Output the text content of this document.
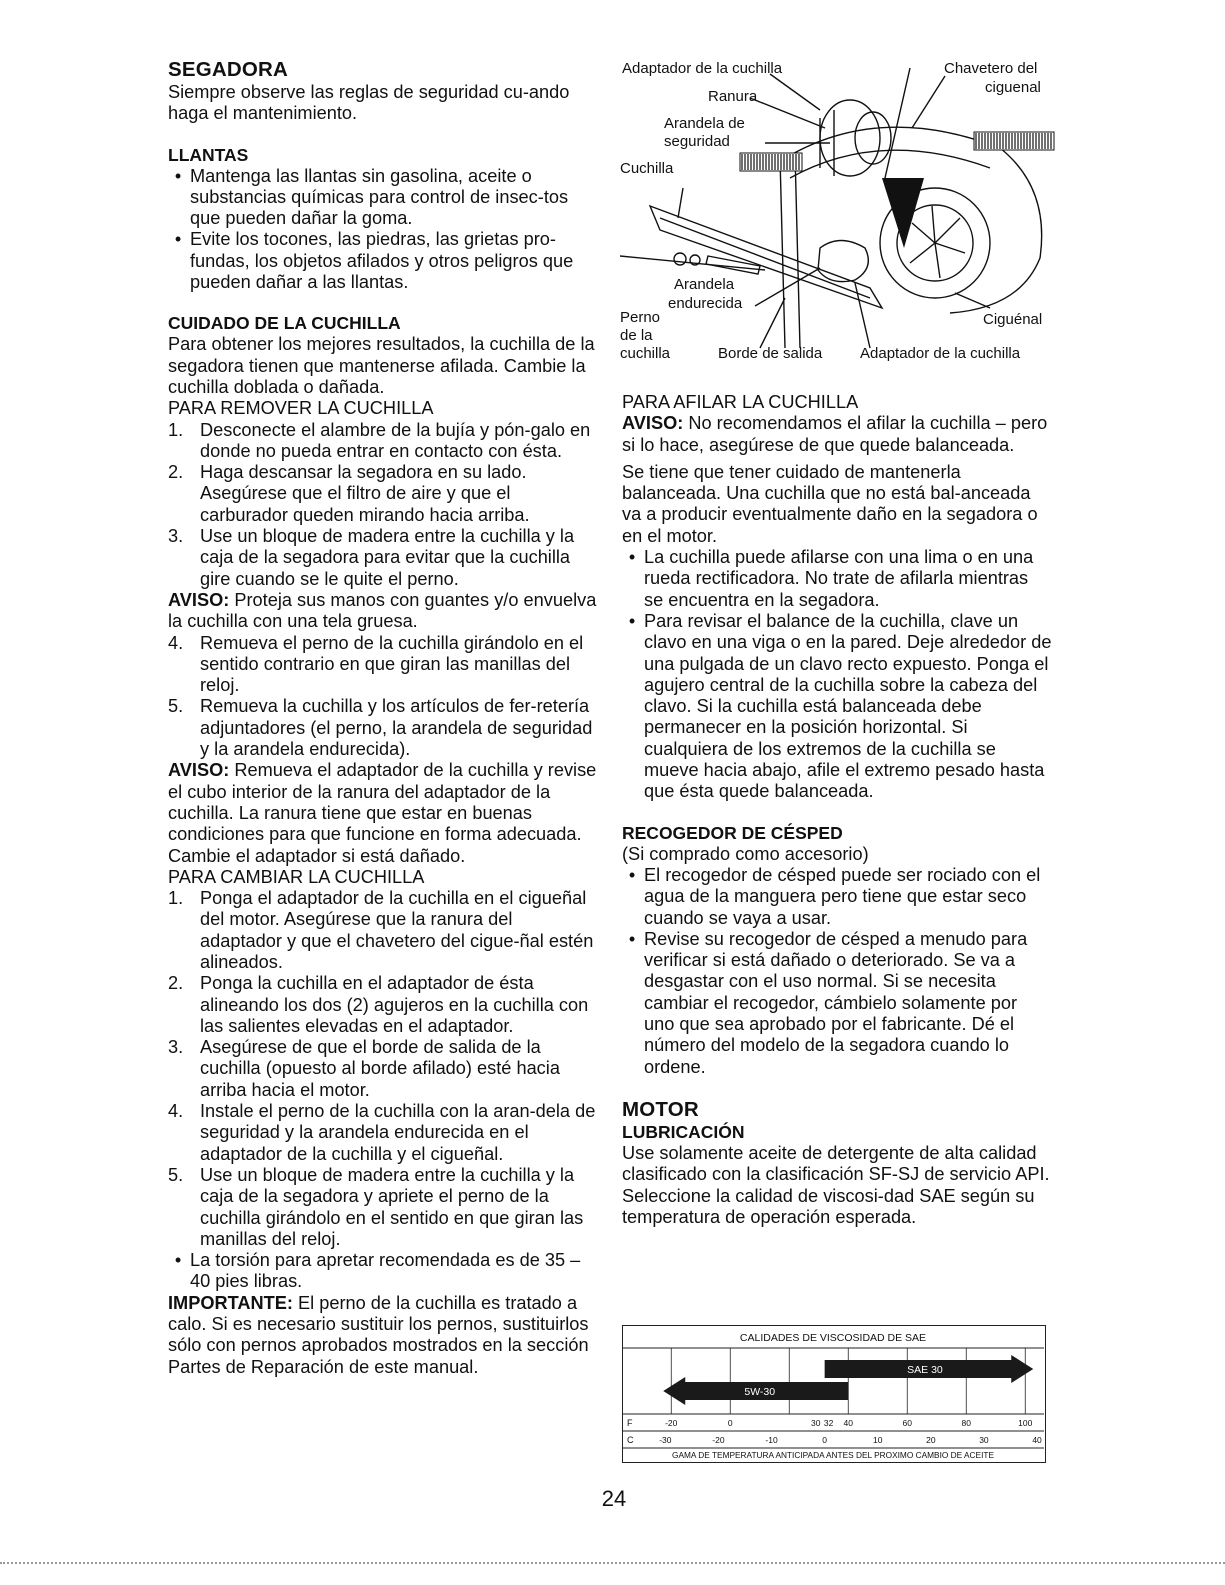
SEGADORA

Siempre observe las reglas de seguridad cu-ando haga el mantenimiento.

LLANTAS
• Mantenga las llantas sin gasolina, aceite o substancias químicas para control de insec-tos que pueden dañar la goma.
• Evite los tocones, las piedras, las grietas pro-fundas, los objetos afilados y otros peligros que pueden dañar a las llantas.
CUIDADO DE LA CUCHILLA

Para obtener los mejores resultados, la cuchilla de la segadora tienen que mantenerse afilada. Cambie la cuchilla doblada o dañada.

PARA REMOVER LA CUCHILLA

1. Desconecte el alambre de la bujía y pón-galo en donde no pueda entrar en contacto con ésta.
2. Haga descansar la segadora en su lado. Asegúrese que el filtro de aire y que el carburador queden mirando hacia arriba.
3. Use un bloque de madera entre la cuchilla y la caja de la segadora para evitar que la cuchilla gire cuando se le quite el perno.

AVISO: Proteja sus manos con guantes y/o envuelva la cuchilla con una tela gruesa.

4. Remueva el perno de la cuchilla girándolo en el sentido contrario en que giran las manillas del reloj.
5. Remueva la cuchilla y los artículos de fer-retería adjuntadores (el perno, la arandela de seguridad y la arandela endurecida).

AVISO: Remueva el adaptador de la cuchilla y revise el cubo interior de la ranura del adaptador de la cuchilla. La ranura tiene que estar en buenas condiciones para que funcione en forma adecuada. Cambie el adaptador si está dañado.

PARA CAMBIAR LA CUCHILLA

1. Ponga el adaptador de la cuchilla en el cigueñal del motor. Asegúrese que la ranura del adaptador y que el chavetero del cigue-ñal estén alineados.
2. Ponga la cuchilla en el adaptador de ésta alineando los dos (2) agujeros en la cuchilla con las salientes elevadas en el adaptador.
3. Asegúrese de que el borde de salida de la cuchilla (opuesto al borde afilado) esté hacia arriba hacia el motor.
4. Instale el perno de la cuchilla con la aran-dela de seguridad y la arandela endurecida en el adaptador de la cuchilla y el cigueñal.
5. Use un bloque de madera entre la cuchilla y la caja de la segadora y apriete el perno de la cuchilla girándolo en el sentido en que giran las manillas del reloj.
• La torsión para apretar recomendada es de 35 – 40 pies libras.

IMPORTANTE: El perno de la cuchilla es tratado a calo. Si es necesario sustituir los pernos, sustituirlos sólo con pernos aprobados mostrados en la sección Partes de Reparación de este manual.

Adaptador de la cuchilla	Chavetero del
ciguenal
Ranura
Arandela de
seguridad
Cuchilla
Arandela
endurecida
Perno
de la
cuchilla
Ciguénal
Borde de salida	Adaptador de la cuchilla

PARA AFILAR LA CUCHILLA

AVISO: No recomendamos el afilar la cuchilla – pero si lo hace, asegúrese de que quede balanceada.

Se tiene que tener cuidado de mantenerla balanceada. Una cuchilla que no está bal-anceada va a producir eventualmente daño en la segadora o en el motor.

• La cuchilla puede afilarse con una lima o en una rueda rectificadora. No trate de afilarla mientras se encuentra en la segadora.
• Para revisar el balance de la cuchilla, clave un clavo en una viga o en la pared. Deje alrededor de una pulgada de un clavo recto expuesto. Ponga el agujero central de la cuchilla sobre la cabeza del clavo. Si la cuchilla está balanceada debe permanecer en la posición horizontal. Si cualquiera de los extremos de la cuchilla se mueve hacia abajo, afile el extremo pesado hasta que ésta quede balanceada.
RECOGEDOR DE CÉSPED

(Si comprado como accesorio)

• El recogedor de césped puede ser rociado con el agua de la manguera pero tiene que estar seco cuando se vaya a usar.
• Revise su recogedor de césped a menudo para verificar si está dañado o deteriorado. Se va a desgastar con el uso normal. Si se necesita cambiar el recogedor, cámbielo solamente por uno que sea aprobado por el fabricante. Dé el número del modelo de la segadora cuando lo ordene.
MOTOR
LUBRICACIÓN

Use solamente aceite de detergente de alta calidad clasificado con la clasificación SF-SJ de servicio API. Seleccione la calidad de viscosi-dad SAE según su temperatura de operación esperada.

CALIDADES DE VISCOSIDAD DE SAE
SAE 30
5W-30
F	-20	0	30 32 40	60	80	100
C	-30	-20	-10	0	10	20	30	40
GAMA DE TEMPERATURA ANTICIPADA ANTES DEL PROXIMO CAMBIO DE ACEITE
24
